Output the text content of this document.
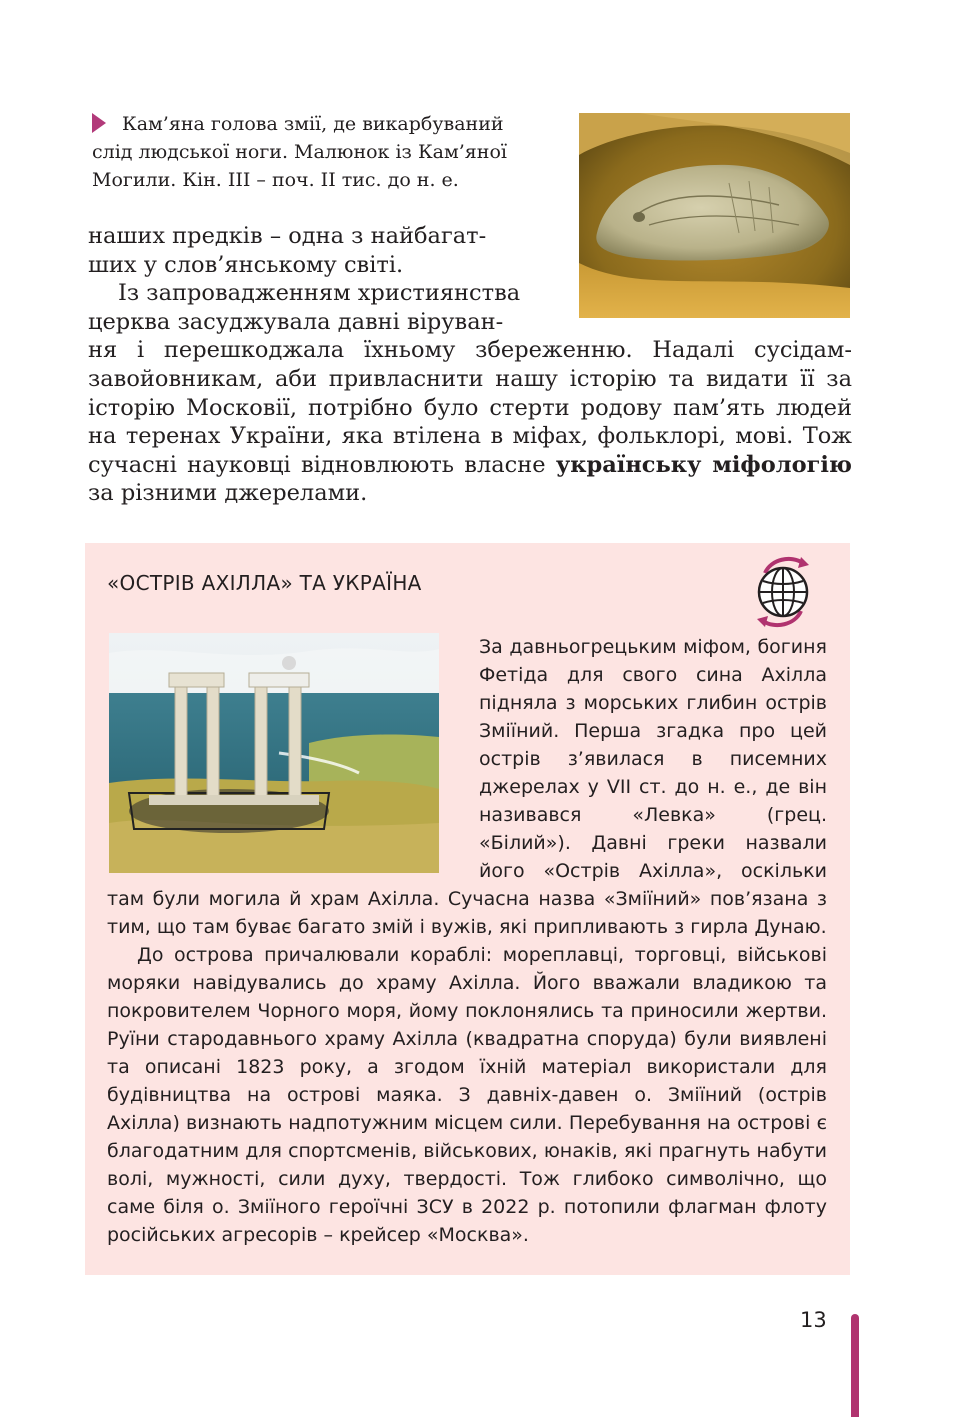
Кам’яна голова змії, де викарбуваний
слід людської ноги. Малюнок із Кам’яної
Могили. Кін. ІІІ – поч. ІІ тис. до н. е.

наших предків – одна з найбагат-

ших у слов’янському світі.

Із запровадженням християнства

церква засуджувала давні віруван-

ня і перешкоджала їхньому збереженню. Надалі сусідам-завойовникам, аби привласнити нашу історію та видати її за історію Московії, потрібно було стерти родову пам’ять людей на теренах України, яка втілена в міфах, фольклорі, мові. Тож сучасні науковці відновлюють власне українську міфологію за різними джерелами.

«ОСТРІВ АХІЛЛА» ТА УКРАЇНА

За давньогрецьким міфом, богиня Фетіда для свого сина Ахілла підняла з морських глибин острів Зміїний. Перша згадка про цей острів з’явилася в писемних джерелах у VII ст. до н. е., де він називався «Левка» (грец. «Білий»). Давні греки назвали його «Острів Ахілла», оскільки там були могила й храм Ахілла. Сучасна назва «Зміїний» пов’язана з тим, що там буває багато змій і вужів, які припливають з гирла Дунаю.

До острова причалювали кораблі: мореплавці, торговці, військові моряки навідувались до храму Ахілла. Його вважали владикою та покровителем Чорного моря, йому поклонялись та приносили жертви. Руїни стародавнього храму Ахілла (квадратна споруда) були виявлені та описані 1823 року, а згодом їхній матеріал використали для будівництва на острові маяка. З давніх-давен о. Зміїний (острів Ахілла) визнають надпотужним місцем сили. Перебування на острові є благодатним для спортсменів, військових, юнаків, які прагнуть набути волі, мужності, сили духу, твердості. Тож глибоко символічно, що саме біля о. Зміїного героїчні ЗСУ в 2022 р. потопили флагман флоту російських агресорів – крейсер «Москва».

13
